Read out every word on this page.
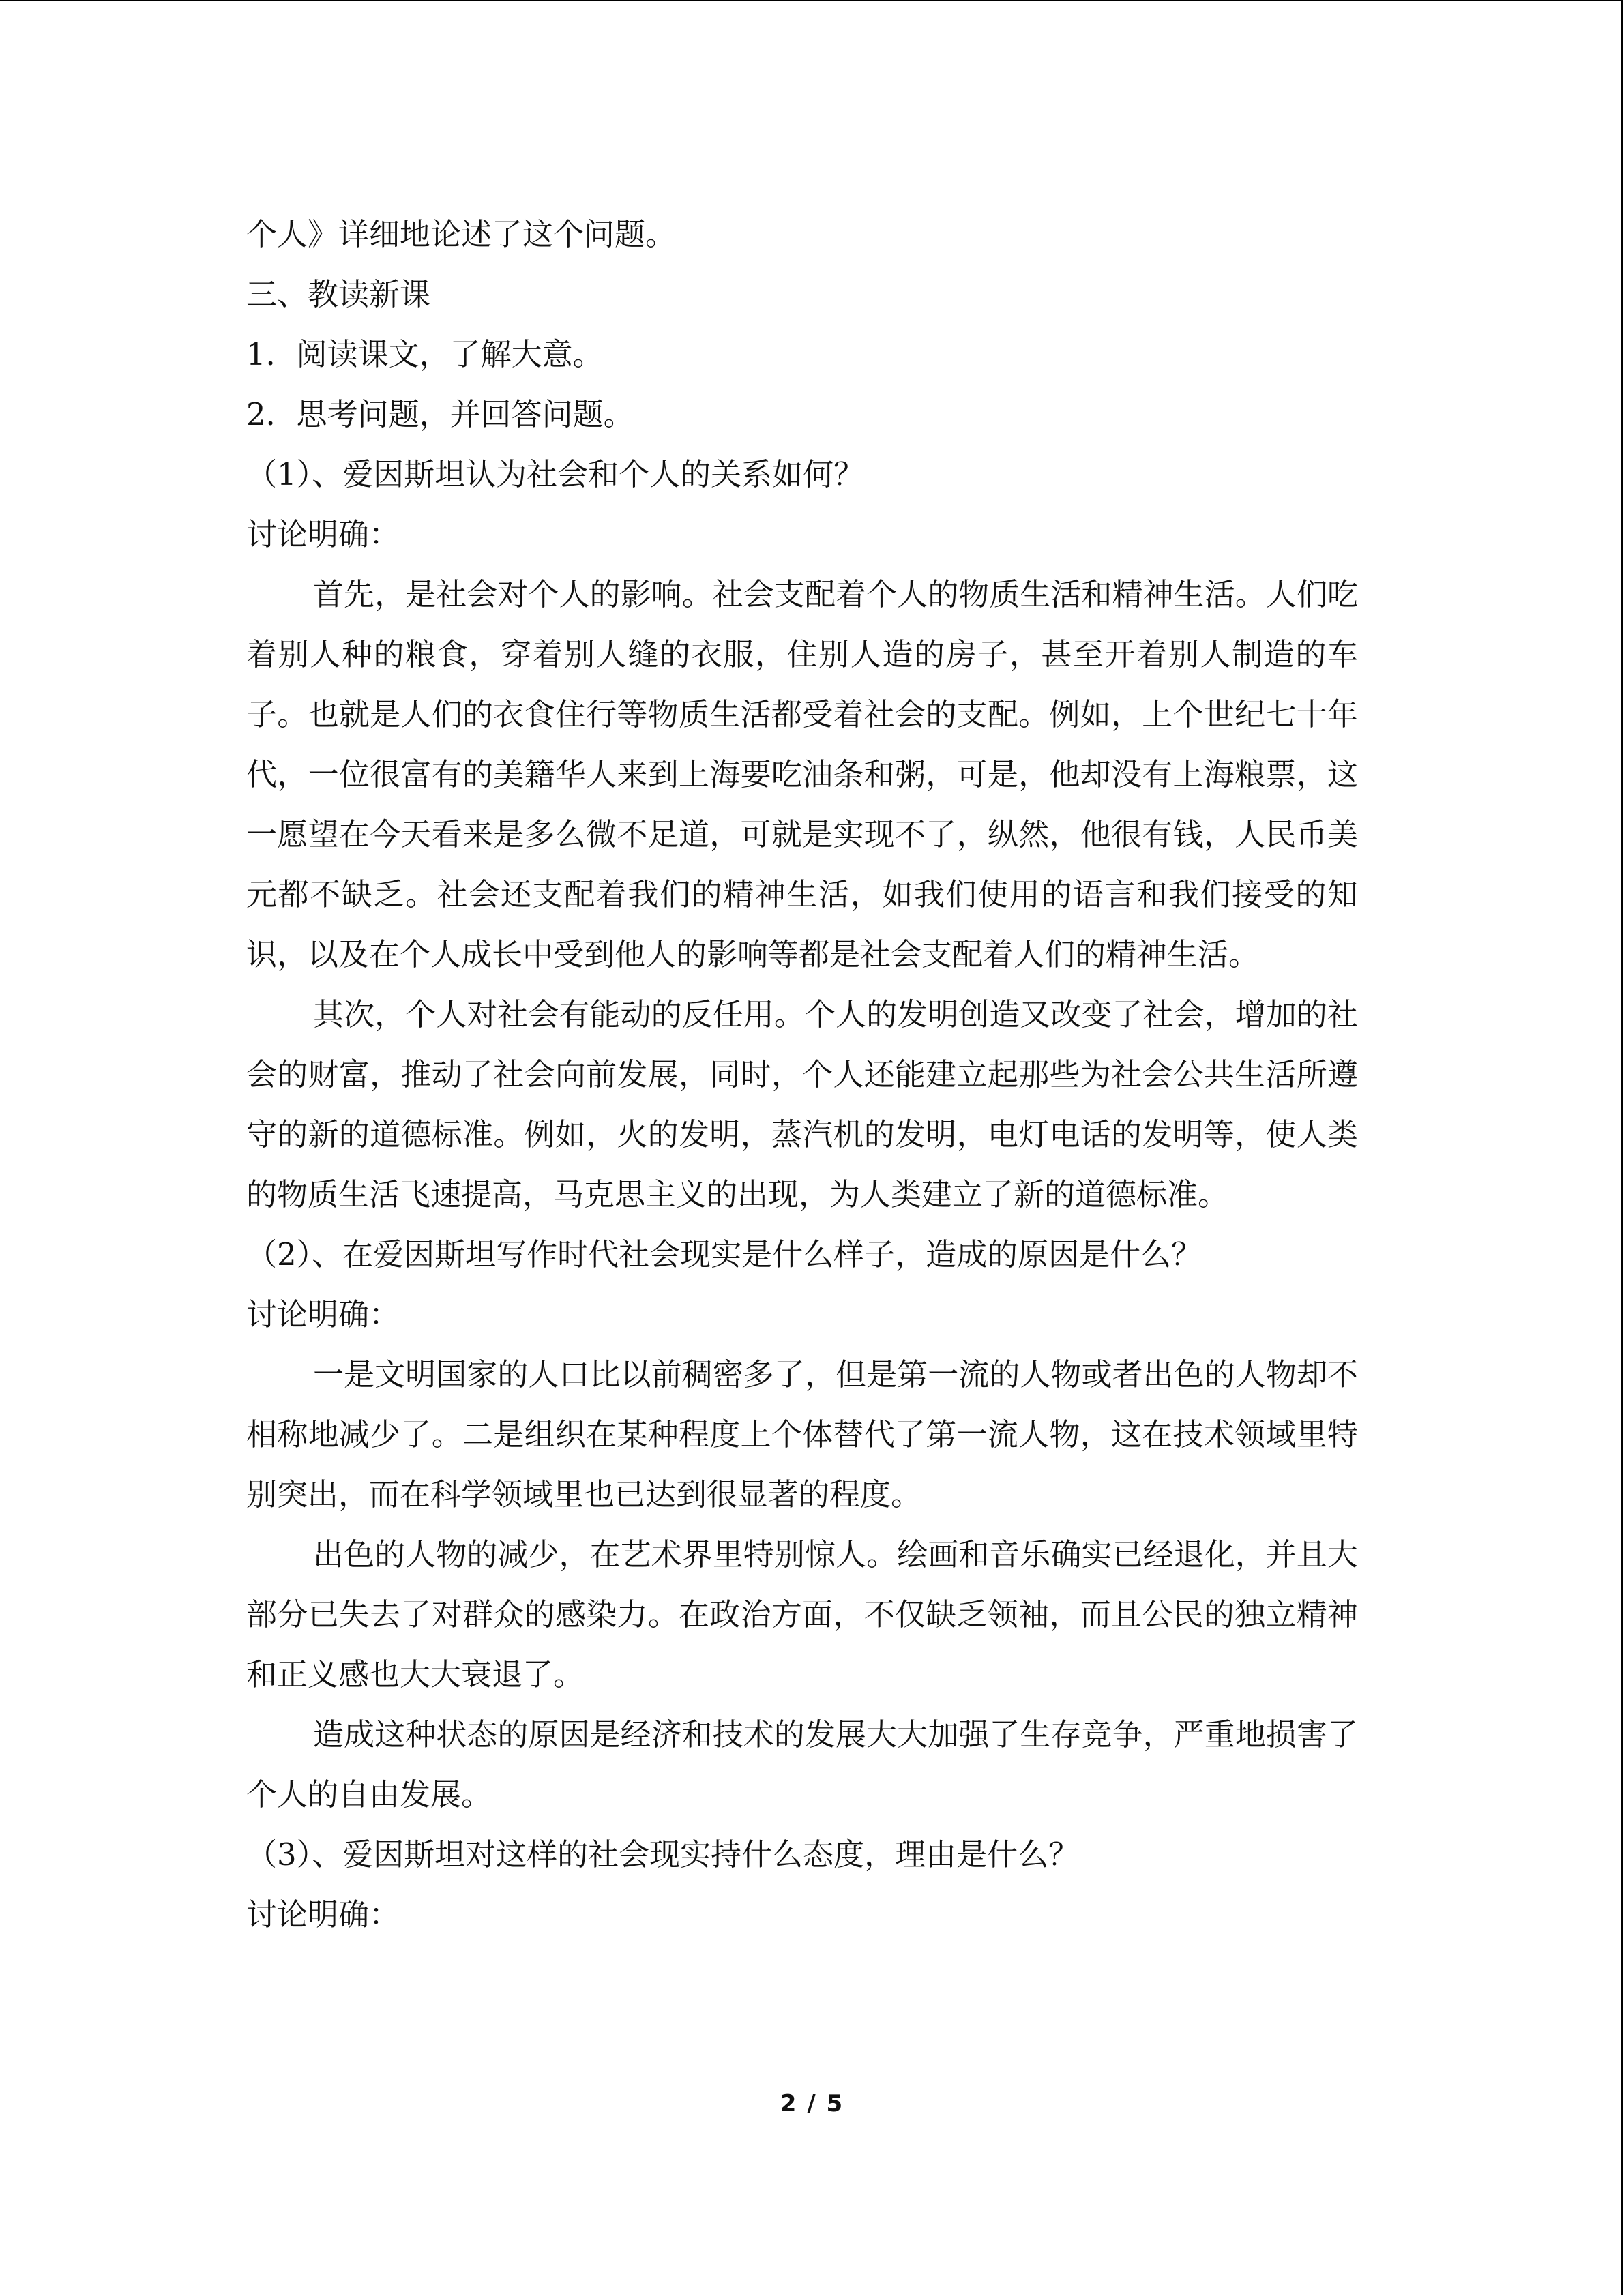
个人》详细地论述了这个问题。

三、教读新课

1．阅读课文，了解大意。

2．思考问题，并回答问题。

（1）、爱因斯坦认为社会和个人的关系如何？

讨论明确：

首先，是社会对个人的影响。社会支配着个人的物质生活和精神生活。人们吃着别人种的粮食，穿着别人缝的衣服，住别人造的房子，甚至开着别人制造的车子。也就是人们的衣食住行等物质生活都受着社会的支配。例如，上个世纪七十年代，一位很富有的美籍华人来到上海要吃油条和粥，可是，他却没有上海粮票，这一愿望在今天看来是多么微不足道，可就是实现不了，纵然，他很有钱，人民币美元都不缺乏。社会还支配着我们的精神生活，如我们使用的语言和我们接受的知识，以及在个人成长中受到他人的影响等都是社会支配着人们的精神生活。

其次，个人对社会有能动的反任用。个人的发明创造又改变了社会，增加的社会的财富，推动了社会向前发展，同时，个人还能建立起那些为社会公共生活所遵守的新的道德标准。例如，火的发明，蒸汽机的发明，电灯电话的发明等，使人类的物质生活飞速提高，马克思主义的出现，为人类建立了新的道德标准。

（2）、在爱因斯坦写作时代社会现实是什么样子，造成的原因是什么？

讨论明确：

一是文明国家的人口比以前稠密多了，但是第一流的人物或者出色的人物却不相称地减少了。二是组织在某种程度上个体替代了第一流人物，这在技术领域里特别突出，而在科学领域里也已达到很显著的程度。

出色的人物的减少，在艺术界里特别惊人。绘画和音乐确实已经退化，并且大部分已失去了对群众的感染力。在政治方面，不仅缺乏领袖，而且公民的独立精神和正义感也大大衰退了。

造成这种状态的原因是经济和技术的发展大大加强了生存竞争，严重地损害了个人的自由发展。

（3）、爱因斯坦对这样的社会现实持什么态度，理由是什么？

讨论明确：

2 / 5
